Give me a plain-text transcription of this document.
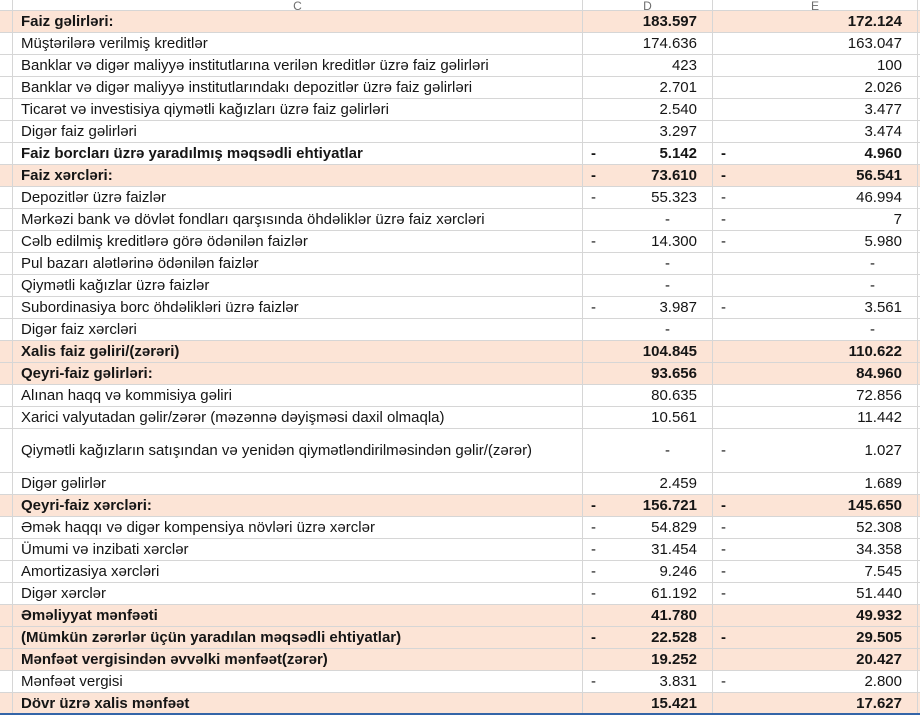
C	D	E
Faiz gəlirləri:	183.597	172.124
Müştərilərə verilmiş kreditlər	174.636	163.047
Banklar və digər maliyyə institutlarına verilən kreditlər üzrə faiz gəlirləri	423	100
Banklar və digər maliyyə institutlarındakı depozitlər üzrə faiz gəlirləri	2.701	2.026
Ticarət və investisiya qiymətli kağızları üzrə faiz gəlirləri	2.540	3.477
Digər faiz gəlirləri	3.297	3.474
Faiz borcları üzrə yaradılmış məqsədli ehtiyatlar	-	5.142	-	4.960
Faiz xərcləri:	-	73.610	-	56.541
Depozitlər üzrə faizlər	-	55.323	-	46.994
Mərkəzi bank və dövlət fondları qarşısında öhdəliklər üzrə faiz xərcləri	-	-	7
Cəlb edilmiş kreditlərə görə ödənilən faizlər	-	14.300	-	5.980
Pul bazarı alətlərinə ödənilən faizlər	-	-
Qiymətli kağızlar üzrə faizlər	-	-
Subordinasiya borc öhdəlikləri üzrə faizlər	-	3.987	-	3.561
Digər faiz xərcləri	-	-
Xalis faiz gəliri/(zərəri)	104.845	110.622
Qeyri-faiz gəlirləri:	93.656	84.960
Alınan haqq və kommisiya gəliri	80.635	72.856
Xarici valyutadan gəlir/zərər (məzənnə dəyişməsi daxil olmaqla)	10.561	11.442
Qiymətli kağızların satışından və yenidən qiymətləndirilməsindən gəlir/(zərər)	-	-	1.027
Digər gəlirlər	2.459	1.689
Qeyri-faiz xərcləri:	-	156.721	-	145.650
Əmək haqqı və digər kompensiya növləri üzrə xərclər	-	54.829	-	52.308
Ümumi və inzibati xərclər	-	31.454	-	34.358
Amortizasiya xərcləri	-	9.246	-	7.545
Digər xərclər	-	61.192	-	51.440
Əməliyyat mənfəəti	41.780	49.932
(Mümkün zərərlər üçün yaradılan məqsədli ehtiyatlar)	-	22.528	-	29.505
Mənfəət vergisindən əvvəlki mənfəət(zərər)	19.252	20.427
Mənfəət vergisi	-	3.831	-	2.800
Dövr üzrə xalis mənfəət	15.421	17.627
